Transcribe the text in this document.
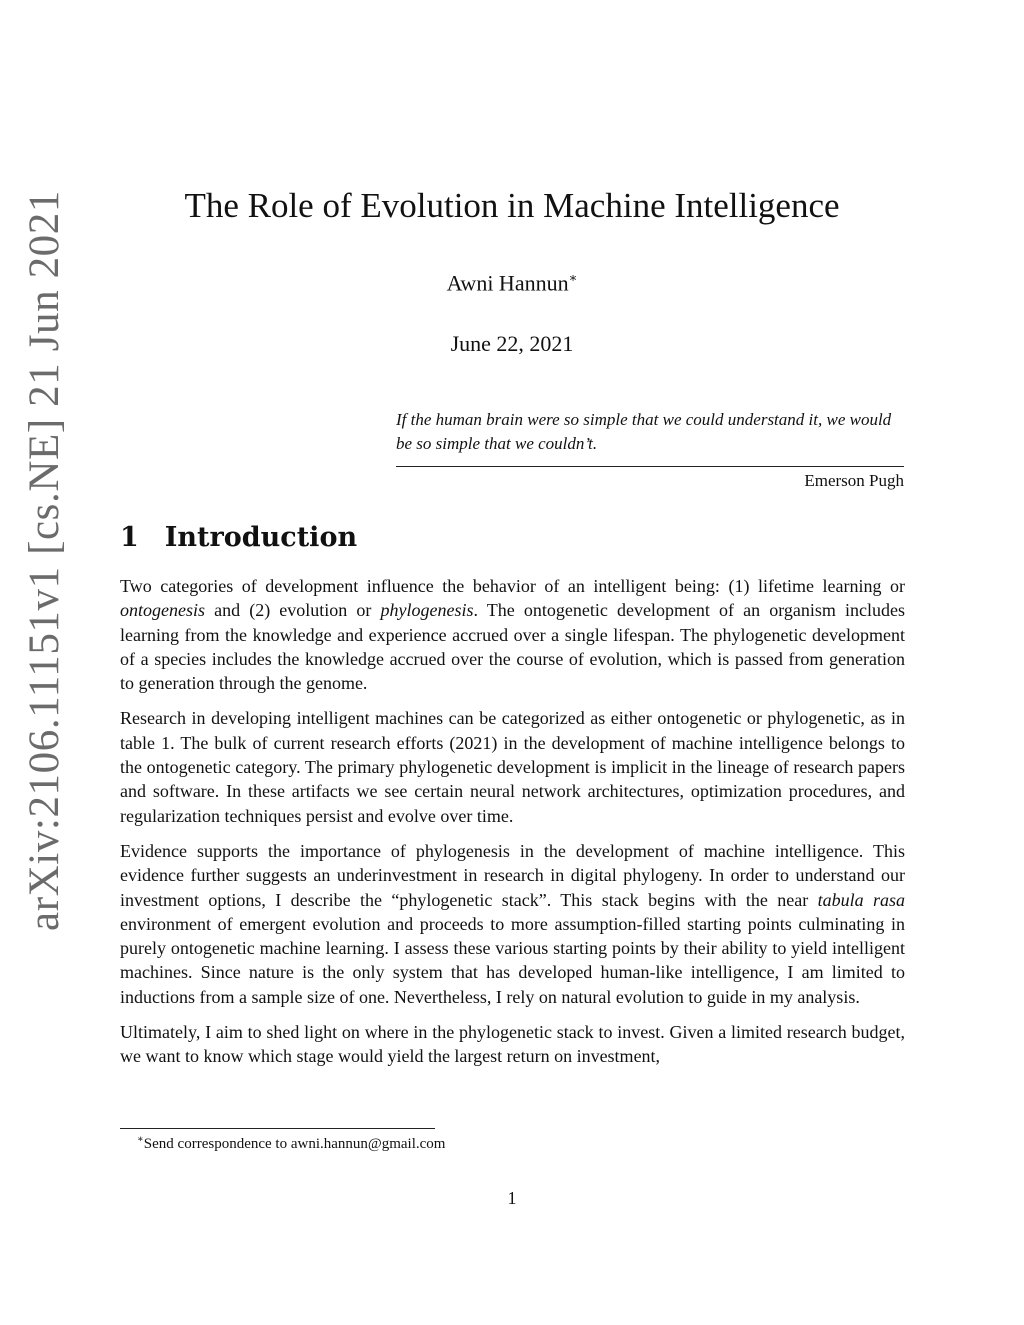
arXiv:2106.11151v1 [cs.NE] 21 Jun 2021	The Role of Evolution in Machine Intelligence
Awni Hannun∗
June 22, 2021
If the human brain were so simple that we could understand it, we would be so simple that we couldn’t.
Emerson Pugh
1 Introduction

Two categories of development influence the behavior of an intelligent being: (1) lifetime learning or ontogenesis and (2) evolution or phylogenesis. The ontogenetic development of an organism includes learning from the knowledge and experience accrued over a single lifespan. The phylogenetic development of a species includes the knowledge accrued over the course of evolution, which is passed from generation to generation through the genome.

Research in developing intelligent machines can be categorized as either ontogenetic or phylogenetic, as in table 1. The bulk of current research efforts (2021) in the development of machine intelligence belongs to the ontogenetic category. The primary phylogenetic development is implicit in the lineage of research papers and software. In these artifacts we see certain neural network architectures, optimization procedures, and regularization techniques persist and evolve over time.

Evidence supports the importance of phylogenesis in the development of machine intelligence. This evidence further suggests an underinvestment in research in digital phylogeny. In order to understand our investment options, I describe the “phylogenetic stack”. This stack begins with the near tabula rasa environment of emergent evolution and proceeds to more assumption-filled starting points culminating in purely ontogenetic machine learning. I assess these various starting points by their ability to yield intelligent machines. Since nature is the only system that has developed human-like intelligence, I am limited to inductions from a sample size of one. Nevertheless, I rely on natural evolution to guide in my analysis.

Ultimately, I aim to shed light on where in the phylogenetic stack to invest. Given a limited research budget, we want to know which stage would yield the largest return on investment,

∗Send correspondence to awni.hannun@gmail.com
1
